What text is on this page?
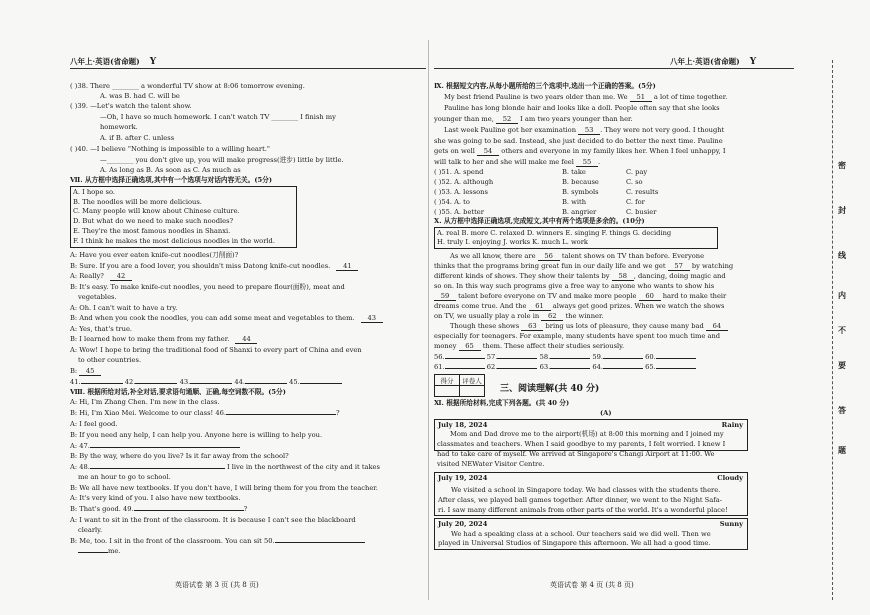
八年上·英语(省命题) Y
( )38. There ________ a wonderful TV show at 8:06 tomorrow evening.
A. was B. had C. will be
( )39. —Let's watch the talent show.
—Oh, I have so much homework. I can't watch TV ________ I finish my
homework.
A. if B. after C. unless
( )40. —I believe "Nothing is impossible to a willing heart."
—________ you don't give up, you will make progress(进步) little by little.
A. As long as B. As soon as C. As much as
Ⅶ. 从方框中选择正确选项,其中有一个选项与对话内容无关。(5分)
A. I hope so.
B. The noodles will be more delicious.
C. Many people will know about Chinese culture.
D. But what do we need to make such noodles?
E. They're the most famous noodles in Shanxi.
F. I think he makes the most delicious noodles in the world.
A: Have you ever eaten knife-cut noodles(刀削面)?
B: Sure. If you are a food lover, you shouldn't miss Datong knife-cut noodles. 41
A: Really? 42
B: It's easy. To make knife-cut noodles, you need to prepare flour(面粉), meat and
vegetables.
A: Oh. I can't wait to have a try.
B: And when you cook the noodles, you can add some meat and vegetables to them. 43
A: Yes, that's true.
B: I learned how to make them from my father. 44
A: Wow! I hope to bring the traditional food of Shanxi to every part of China and even
to other countries.
B: 45
41.	42.	43.	44.	45.
Ⅷ. 根据所给对话,补全对话,要求语句通顺、正确,每空词数不限。(5分)
A: Hi, I'm Zhang Chen. I'm new in the class.
B: Hi, I'm Xiao Mei. Welcome to our class! 46.	?
A: I feel good.
B: If you need any help, I can help you. Anyone here is willing to help you.
A: 47.
B: By the way, where do you live? Is it far away from the school?
A: 48.	I live in the northwest of the city and it takes
me an hour to go to school.
B: We all have new textbooks. If you don't have, I will bring them for you from the teacher.
A: It's very kind of you. I also have new textbooks.
B: That's good. 49.	?
A: I want to sit in the front of the classroom. It is because I can't see the blackboard
clearly.
B: Me, too. I sit in the front of the classroom. You can sit 50.
me.
英语试卷 第 3 页 (共 8 页)
八年上·英语(省命题) Y
Ⅸ. 根据短文内容,从每小题所给的三个选项中,选出一个正确的答案。(5分)
My best friend Pauline is two years older than me. We 51 a lot of time together.
Pauline has long blonde hair and looks like a doll. People often say that she looks
younger than me, 52 I am two years younger than her.
Last week Pauline got her examination 53 . They were not very good. I thought
she was going to be sad. Instead, she just decided to do better the next time. Pauline
gets on well 54 others and everyone in my family likes her. When I feel unhappy, I
will talk to her and she will make me feel 55 .
( )51. A. spend	B. take	C. pay
( )52. A. although	B. because	C. so
( )53. A. lessons	B. symbols	C. results
( )54. A. to	B. with	C. for
( )55. A. better	B. angrier	C. busier
Ⅹ. 从方框中选择正确选项,完成短文,其中有两个选项是多余的。(10分)
A. real B. more C. relaxed D. winners E. singing F. things G. deciding
H. truly I. enjoying J. works K. much L. work
As we all know, there are 56 talent shows on TV than before. Everyone
thinks that the programs bring great fun in our daily life and we get 57 by watching
different kinds of shows. They show their talents by 58 , dancing, doing magic and
so on. In this way such programs give a free way to anyone who wants to show his
59 talent before everyone on TV and make more people 60 hard to make their
dreams come true. And the 61 always get good prizes. When we watch the shows
on TV, we usually play a role in 62 the winner.
Though these shows 63 bring us lots of pleasure, they cause many bad 64
especially for teenagers. For example, many students have spent too much time and
money 65 them. These affect their studies seriously.
56.	57.	58.	59.	60.
61.	62.	63.	64.	65.
得分	评卷人

三、阅读理解(共 40 分)
Ⅺ. 根据所给材料,完成下列各题。(共 40 分)
(A)
July 18, 2024	Rainy
Mom and Dad drove me to the airport(机场) at 8:00 this morning and I joined my
classmates and teachers. When I said goodbye to my parents, I felt worried. I knew I
had to take care of myself. We arrived at Singapore's Changi Airport at 11:00. We
visited NEWater Visitor Centre.
July 19, 2024	Cloudy
We visited a school in Singapore today. We had classes with the students there.
After class, we played ball games together. After dinner, we went to the Night Safa-
ri. I saw many different animals from other parts of the world. It's a wonderful place!
July 20, 2024	Sunny
We had a speaking class at a school. Our teachers said we did well. Then we
played in Universal Studios of Singapore this afternoon. We all had a good time.
英语试卷 第 4 页 (共 8 页)
密
封
线
内
不
要
答
题
